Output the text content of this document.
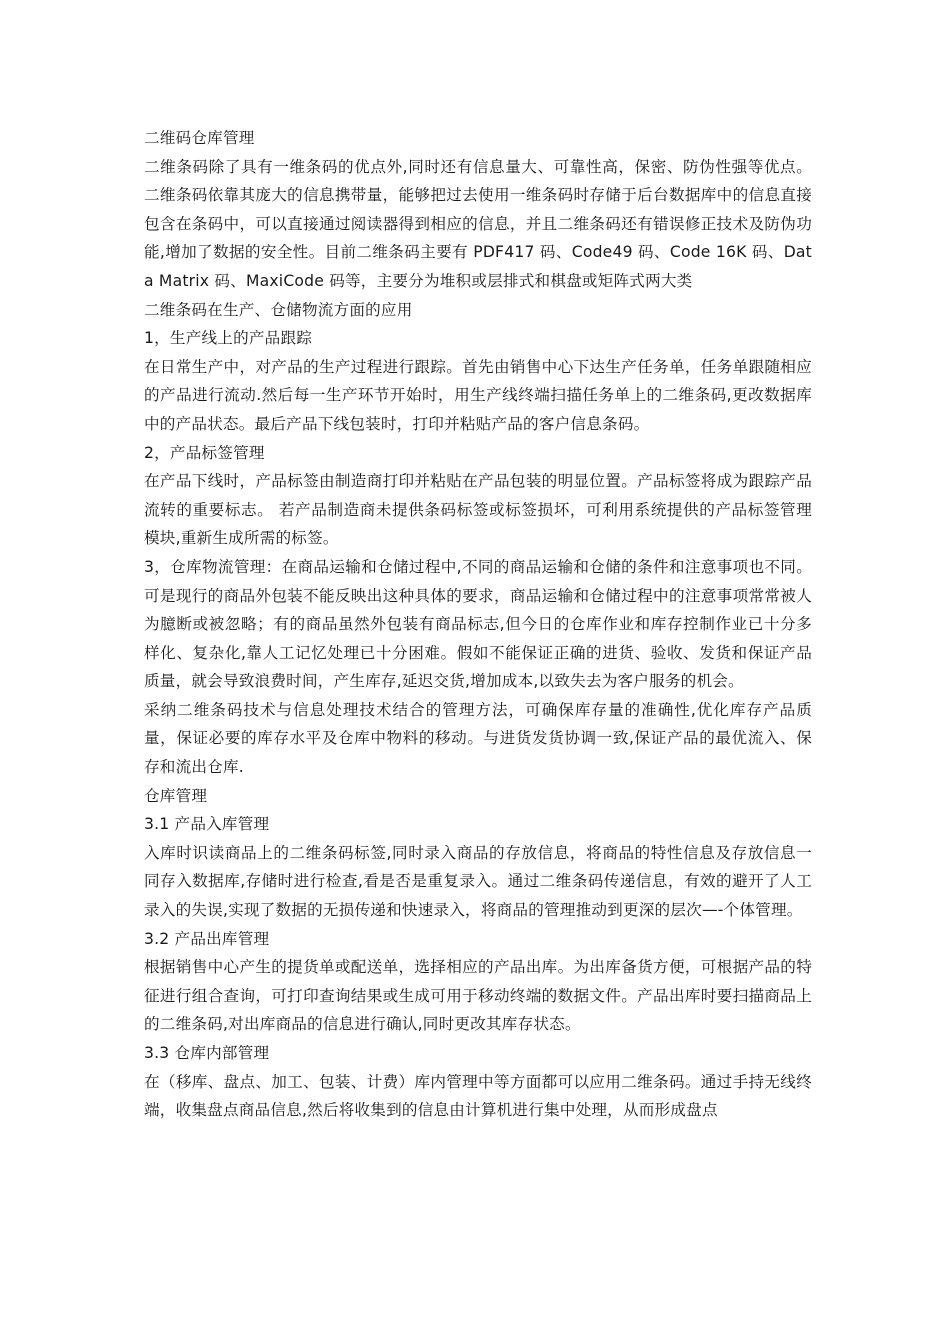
二维码仓库管理

二维条码除了具有一维条码的优点外,同时还有信息量大、可靠性高，保密、防伪性强等优点。二维条码依靠其庞大的信息携带量，能够把过去使用一维条码时存储于后台数据库中的信息直接包含在条码中，可以直接通过阅读器得到相应的信息，并且二维条码还有错误修正技术及防伪功能,增加了数据的安全性。目前二维条码主要有 PDF417 码、Code49 码、Code 16K 码、Data Matrix 码、MaxiCode 码等，主要分为堆积或层排式和棋盘或矩阵式两大类

二维条码在生产、仓储物流方面的应用

1，生产线上的产品跟踪

在日常生产中，对产品的生产过程进行跟踪。首先由销售中心下达生产任务单，任务单跟随相应的产品进行流动.然后每一生产环节开始时，用生产线终端扫描任务单上的二维条码,更改数据库中的产品状态。最后产品下线包装时，打印并粘贴产品的客户信息条码。

2，产品标签管理

在产品下线时，产品标签由制造商打印并粘贴在产品包装的明显位置。产品标签将成为跟踪产品流转的重要标志。 若产品制造商未提供条码标签或标签损坏，可利用系统提供的产品标签管理模块,重新生成所需的标签。

3，仓库物流管理：在商品运输和仓储过程中,不同的商品运输和仓储的条件和注意事项也不同。可是现行的商品外包装不能反映出这种具体的要求，商品运输和仓储过程中的注意事项常常被人为臆断或被忽略；有的商品虽然外包装有商品标志,但今日的仓库作业和库存控制作业已十分多样化、复杂化,靠人工记忆处理已十分困难。假如不能保证正确的进货、验收、发货和保证产品质量，就会导致浪费时间，产生库存,延迟交货,增加成本,以致失去为客户服务的机会。

采纳二维条码技术与信息处理技术结合的管理方法，可确保库存量的准确性,优化库存产品质量，保证必要的库存水平及仓库中物料的移动。与进货发货协调一致,保证产品的最优流入、保存和流出仓库.

仓库管理

3.1 产品入库管理

入库时识读商品上的二维条码标签,同时录入商品的存放信息，将商品的特性信息及存放信息一同存入数据库,存储时进行检查,看是否是重复录入。通过二维条码传递信息，有效的避开了人工录入的失误,实现了数据的无损传递和快速录入，将商品的管理推动到更深的层次—-个体管理。

3.2 产品出库管理

根据销售中心产生的提货单或配送单，选择相应的产品出库。为出库备货方便，可根据产品的特征进行组合查询，可打印查询结果或生成可用于移动终端的数据文件。产品出库时要扫描商品上的二维条码,对出库商品的信息进行确认,同时更改其库存状态。

3.3 仓库内部管理

在（移库、盘点、加工、包装、计费）库内管理中等方面都可以应用二维条码。通过手持无线终端，收集盘点商品信息,然后将收集到的信息由计算机进行集中处理，从而形成盘点
